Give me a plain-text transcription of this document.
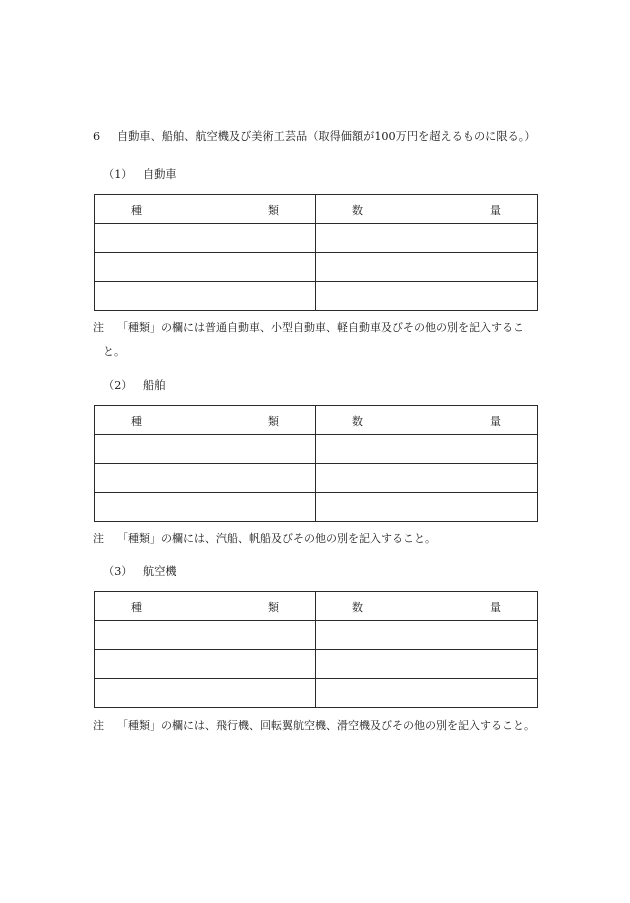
6 自動車、船舶、航空機及び美術工芸品（取得価額が100万円を超えるものに限る。）
（1） 自動車
種 類	数 量

注	「種類」の欄には普通自動車、小型自動車、軽自動車及びその他の別を記入するこ
と。
（2） 船舶
種 類	数 量

注	「種類」の欄には、汽船、帆船及びその他の別を記入すること。
（3） 航空機
種 類	数 量

注	「種類」の欄には、飛行機、回転翼航空機、滑空機及びその他の別を記入すること。
